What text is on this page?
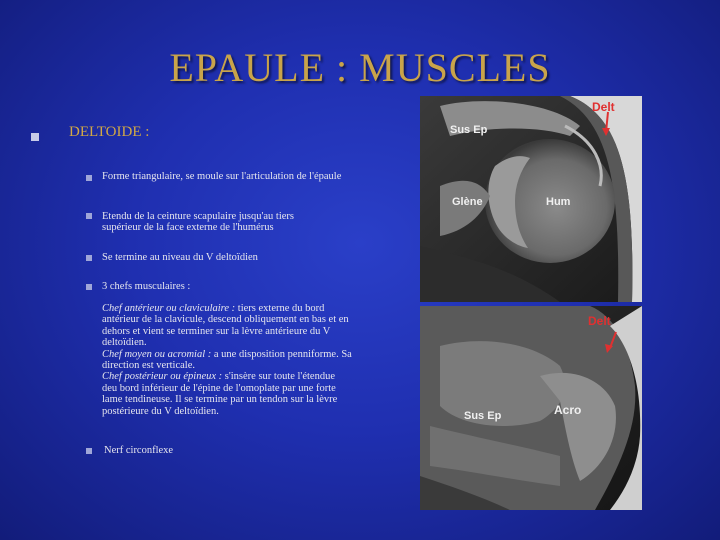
EPAULE : MUSCLES
DELTOIDE :
Forme triangulaire, se moule sur l'articulation de l'épaule
Etendu de la ceinture scapulaire jusqu'au tiers supérieur de la face externe de l'humérus
Se termine au niveau du V deltoïdien
3 chefs musculaires :
Chef antérieur ou claviculaire : tiers externe du bord antérieur de la clavicule, descend obliquement en bas et en dehors et vient se terminer sur la lèvre antérieure du V deltoïdien.
Chef moyen ou acromial : a une disposition penniforme. Sa direction est verticale.
Chef postérieur ou épineux : s'insère sur toute l'étendue deu bord inférieur de l'épine de l'omoplate par une forte lame tendineuse. Il se termine par un tendon sur la lèvre postérieure du V deltoïdien.
Nerf circonflexe
Delt
Sus Ep
Glène	Hum
Delt
Sus Ep	Acro
